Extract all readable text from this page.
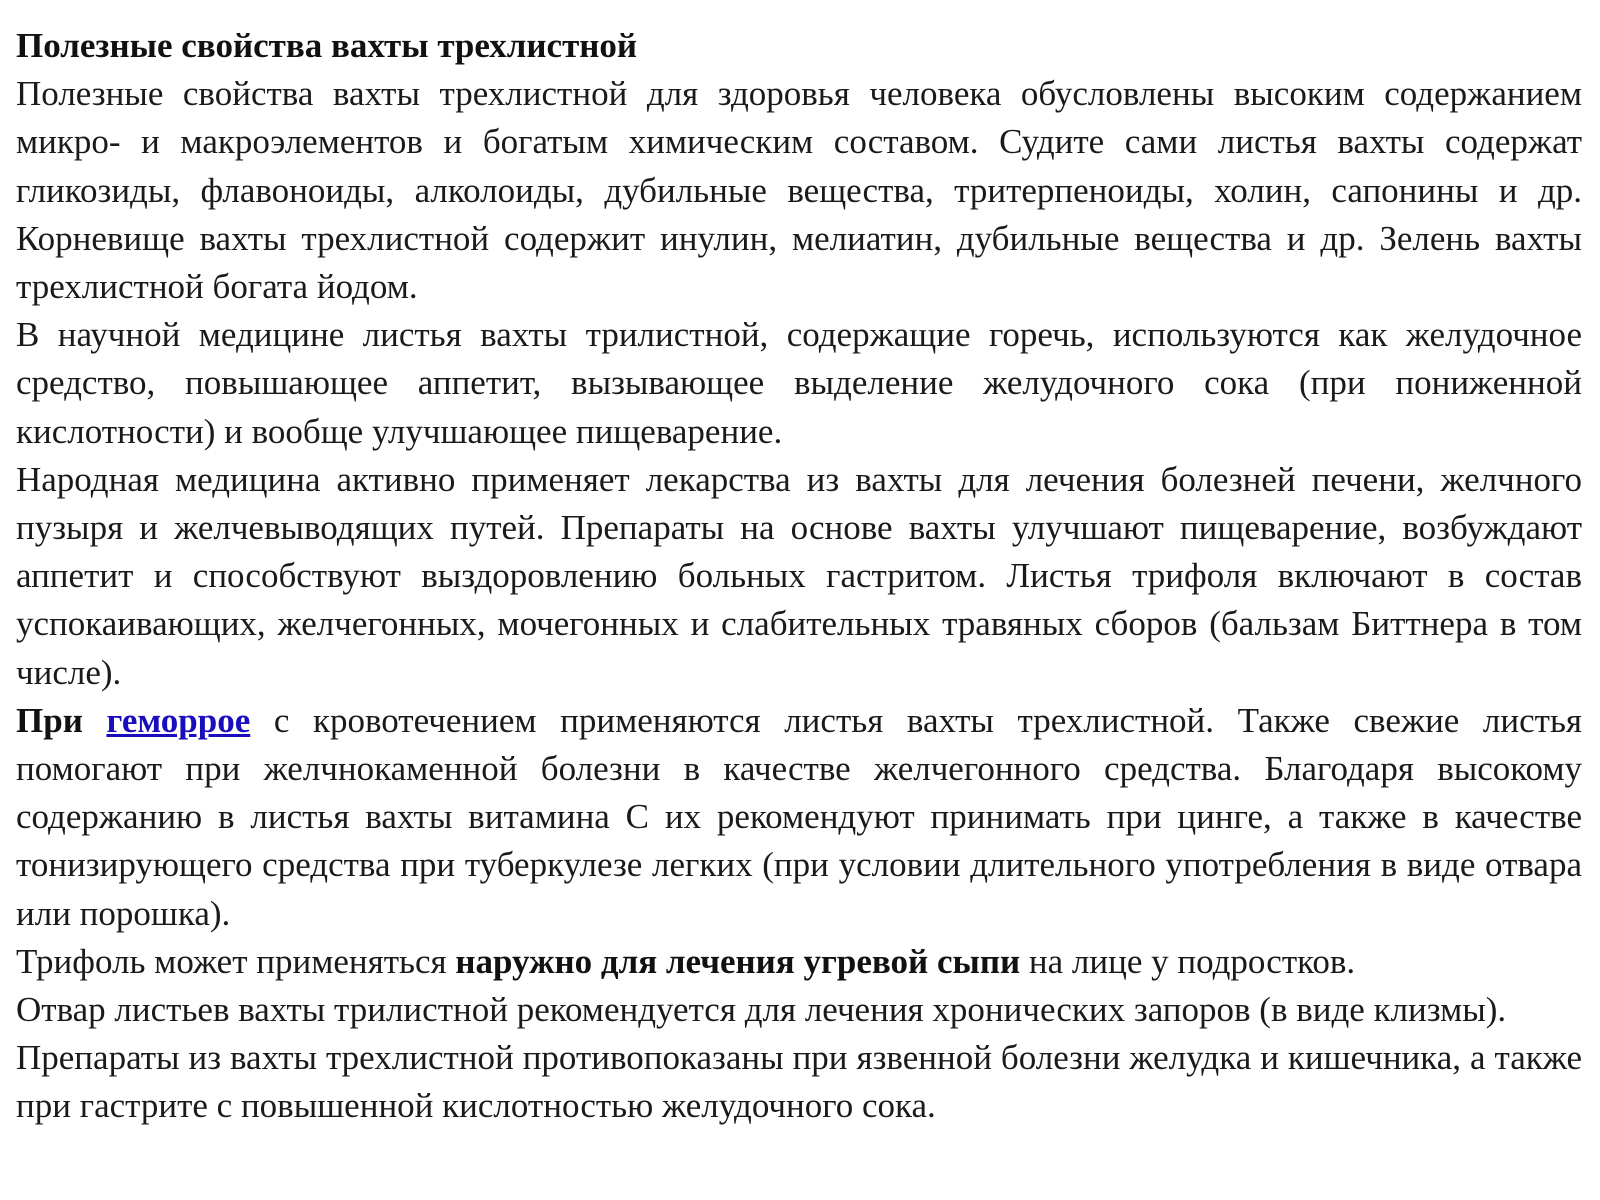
Полезные свойства вахты трехлистной

Полезные свойства вахты трехлистной для здоровья человека обусловлены высоким содержанием микро- и макроэлементов и богатым химическим составом. Судите сами листья вахты содержат гликозиды, флавоноиды, алколоиды, дубильные вещества, тритерпеноиды, холин, сапонины и др. Корневище вахты трехлистной содержит инулин, мелиатин, дубильные вещества и др. Зелень вахты трехлистной богата йодом.

В научной медицине листья вахты трилистной, содержащие горечь, используются как желудочное средство, повышающее аппетит, вызывающее выделение желудочного сока (при пониженной кислотности) и вообще улучшающее пищеварение.

Народная медицина активно применяет лекарства из вахты для лечения болезней печени, желчного пузыря и желчевыводящих путей. Препараты на основе вахты улучшают пищеварение, возбуждают аппетит и способствуют выздоровлению больных гастритом. Листья трифоля включают в состав успокаивающих, желчегонных, мочегонных и слабительных травяных сборов (бальзам Биттнера в том числе).

При геморрое с кровотечением применяются листья вахты трехлистной. Также свежие листья помогают при желчнокаменной болезни в качестве желчегонного средства. Благодаря высокому содержанию в листья вахты витамина С их рекомендуют принимать при цинге, а также в качестве тонизирующего средства при туберкулезе легких (при условии длительного употребления в виде отвара или порошка).

Трифоль может применяться наружно для лечения угревой сыпи на лице у подростков.

Отвар листьев вахты трилистной рекомендуется для лечения хронических запоров (в виде клизмы).

Препараты из вахты трехлистной противопоказаны при язвенной болезни желудка и кишечника, а также при гастрите с повышенной кислотностью желудочного сока.
